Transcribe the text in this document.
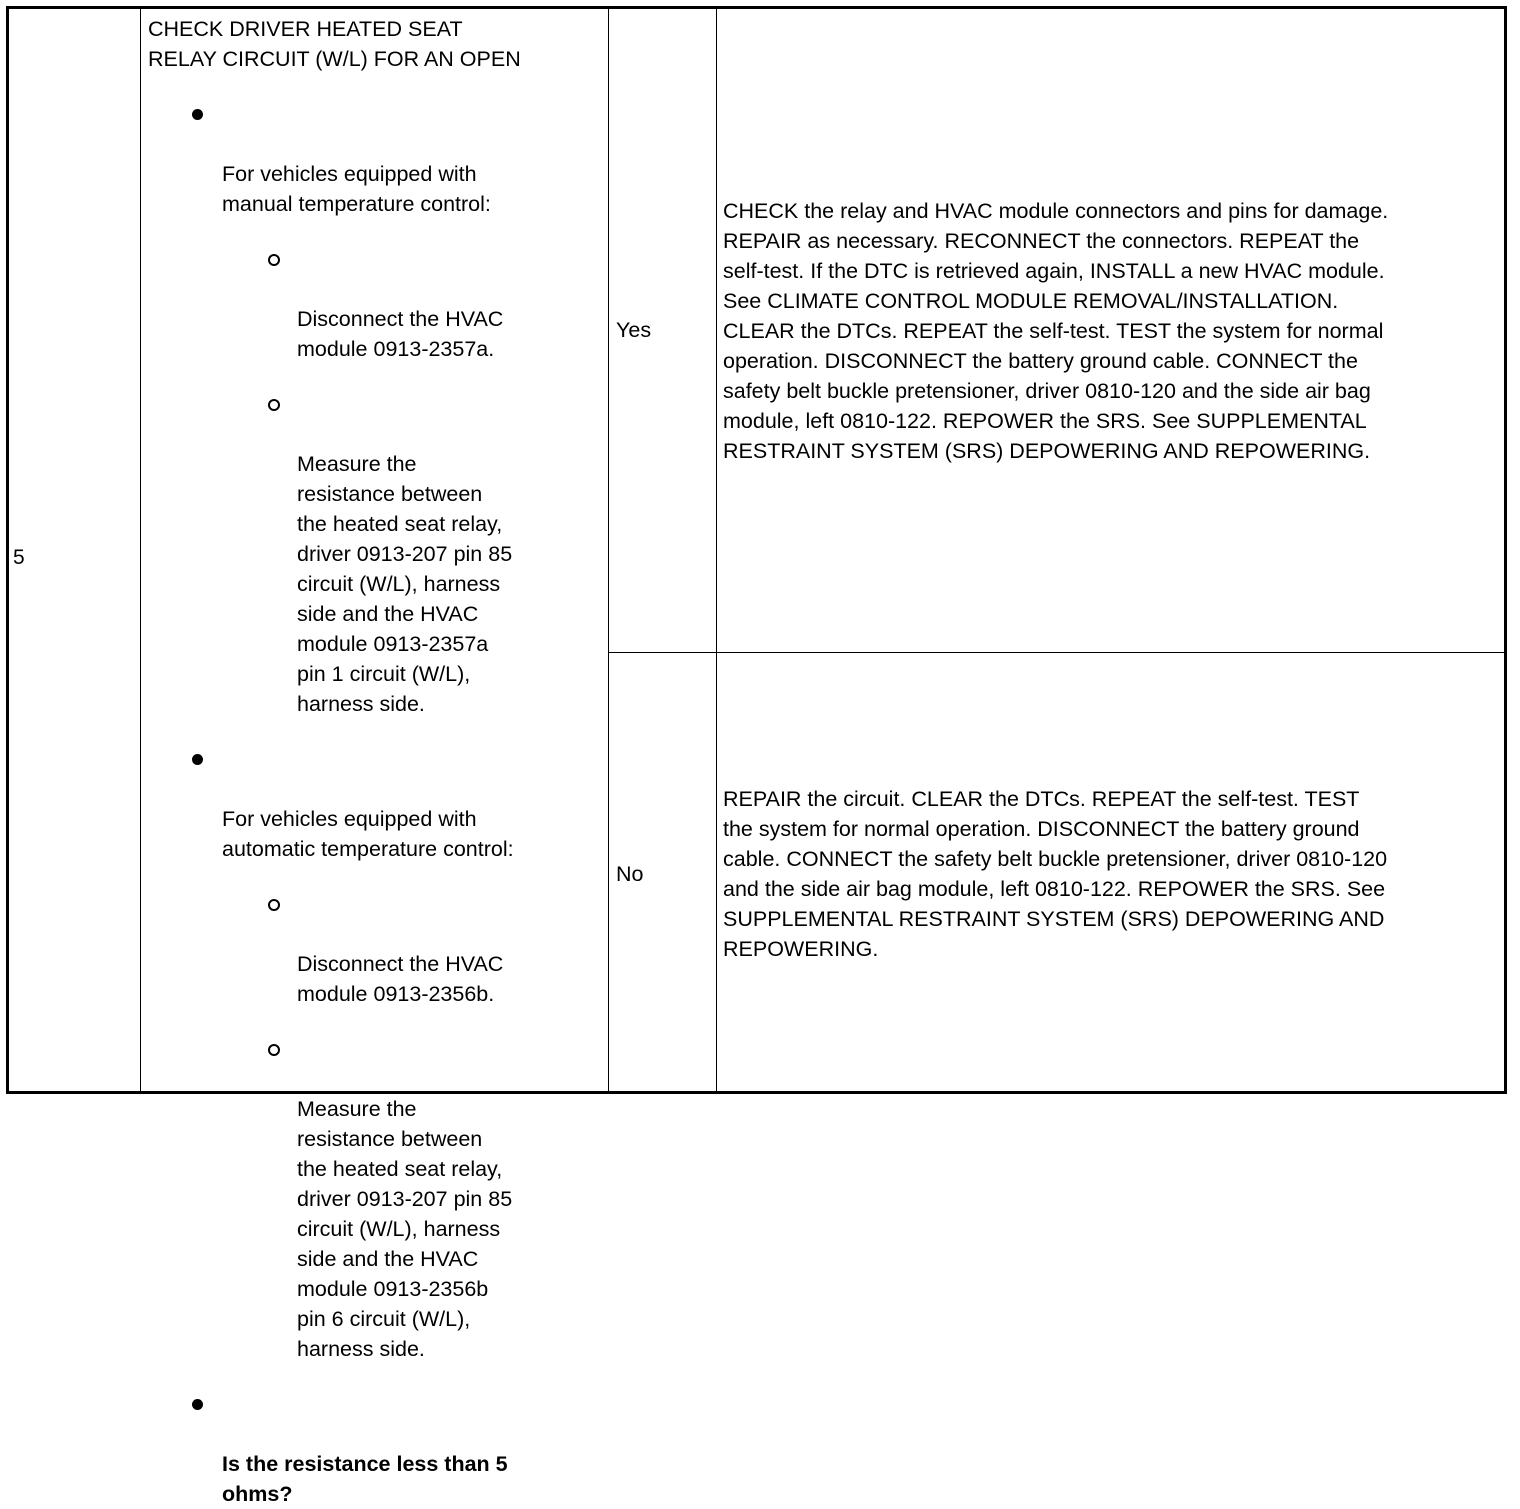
5

CHECK DRIVER HEATED SEAT
RELAY CIRCUIT (W/L) FOR AN OPEN

For vehicles equipped with
manual temperature control:

Disconnect the HVAC
module 0913-2357a.

Measure the
resistance between
the heated seat relay,
driver 0913-207 pin 85
circuit (W/L), harness
side and the HVAC
module 0913-2357a
pin 1 circuit (W/L),
harness side.

For vehicles equipped with
automatic temperature control:

Disconnect the HVAC
module 0913-2356b.

Measure the
resistance between
the heated seat relay,
driver 0913-207 pin 85
circuit (W/L), harness
side and the HVAC
module 0913-2356b
pin 6 circuit (W/L),
harness side.

Is the resistance less than 5
ohms?

Yes
CHECK the relay and HVAC module connectors and pins for damage.
REPAIR as necessary. RECONNECT the connectors. REPEAT the
self-test. If the DTC is retrieved again, INSTALL a new HVAC module.
See CLIMATE CONTROL MODULE REMOVAL/INSTALLATION.
CLEAR the DTCs. REPEAT the self-test. TEST the system for normal
operation. DISCONNECT the battery ground cable. CONNECT the
safety belt buckle pretensioner, driver 0810-120 and the side air bag
module, left 0810-122. REPOWER the SRS. See SUPPLEMENTAL
RESTRAINT SYSTEM (SRS) DEPOWERING AND REPOWERING.
No
REPAIR the circuit. CLEAR the DTCs. REPEAT the self-test. TEST
the system for normal operation. DISCONNECT the battery ground
cable. CONNECT the safety belt buckle pretensioner, driver 0810-120
and the side air bag module, left 0810-122. REPOWER the SRS. See
SUPPLEMENTAL RESTRAINT SYSTEM (SRS) DEPOWERING AND
REPOWERING.
